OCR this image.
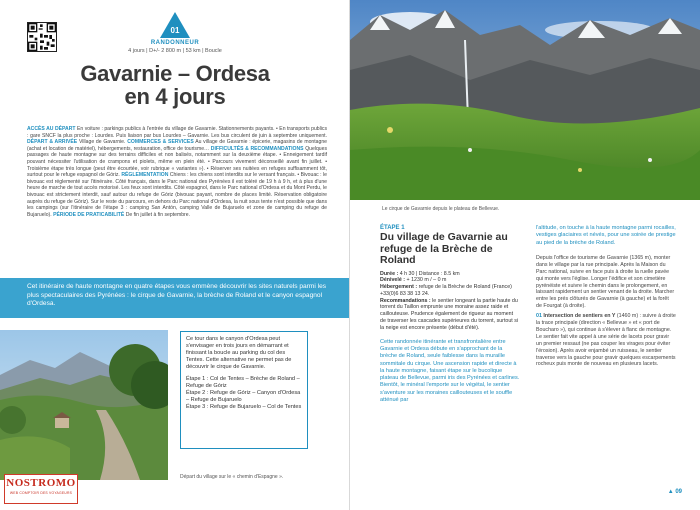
01
RANDONNEUR
4 jours | D+/- 2 800 m | 53 km | Boucle
Gavarnie – Ordesa
en 4 jours
ACCÈS AU DÉPART En voiture : parkings publics à l'entrée du village de Gavarnie. Stationnements payants. • En transports publics : gare SNCF la plus proche : Lourdes. Puis liaison par bus Lourdes – Gavarnie. Les bus circulent de juin à septembre uniquement. DÉPART & ARRIVÉE Village de Gavarnie. COMMERCES & SERVICES Au village de Gavarnie : épicerie, magasins de montagne (achat et location de matériel), hébergements, restauration, office de tourisme… DIFFICULTÉS & RECOMMANDATIONS Quelques passages de haute montagne sur des terrains difficiles et non balisés, notamment sur la deuxième étape. • Enneigement tardif pouvant nécessiter l'utilisation de crampons et piolets, même en plein été. • Parcours vivement déconseillé avant fin juillet. • Troisième étape très longue (peut être écourtée, voir rubrique « variantes »). • Réserver ses nuitées en refuges suffisamment tôt, surtout pour le refuge espagnol de Góriz. RÉGLEMENTATION Chiens : les chiens sont interdits sur le versant français. • Bivouac : le bivouac est réglementé sur l'itinéraire. Côté français, dans le Parc national des Pyrénées il est toléré de 19 h à 9 h, et à plus d'une heure de marche de tout accès motorisé. Les feux sont interdits. Côté espagnol, dans le Parc national d'Ordesa et du Mont Perdu, le bivouac est strictement interdit, sauf autour du refuge de Góriz (bivouac payant, nombre de places limité. Réservation obligatoire auprès du refuge de Góriz). Sur le reste du parcours, en dehors du Parc national d'Ordesa, la nuit sous tente n'est possible que dans les campings (sur l'itinéraire de l'étape 3 : camping San Antón, camping Valle de Bujaruelo et zone de camping du refuge de Bujaruelo). PÉRIODE DE PRATICABILITÉ De fin juillet à fin septembre.
Cet itinéraire de haute montagne en quatre étapes vous emmène découvrir les sites naturels parmi les plus spectaculaires des Pyrénées : le cirque de Gavarnie, la brèche de Roland et le canyon espagnol d'Ordesa.
Départ du village sur le « chemin d'Espagne ».

Ce tour dans le canyon d'Ordesa peut s'envisager en trois jours en démarrant et finissant la boucle au parking du col des Tentes. Cette alternative ne permet pas de découvrir le cirque de Gavarnie.

Étape 1 : Col de Tentes – Brèche de Roland – Refuge de Góriz
Étape 2 : Refuge de Góriz – Canyon d'Ordesa – Refuge de Bujaruelo
Étape 3 : Refuge de Bujaruelo – Col de Tentes

NOSTROMO
WEB COMPTOIR DES VOYAGEURS
Le cirque de Gavarnie depuis le plateau de Bellevue.
ÉTAPE 1
Du village de Gavarnie au refuge de la Brèche de Roland
Durée : 4 h 30 | Distance : 8.5 km
Dénivelé : + 1230 m / – 0 m
Hébergement : refuge de la Brèche de Roland (France) +33(0)6 83 38 13 24.
Recommandations : le sentier longeant la partie haute du torrent du Taillon emprunte une moraine assez raide et caillouteuse. Prudence également de rigueur au moment de traverser les cascades supérieures du torrent, surtout si la neige est encore présente (début d'été).
Cette randonnée itinérante et transfrontalière entre Gavarnie et Ordesa débute en s'approchant de la brèche de Roland, seule faiblesse dans la muraille sommitale du cirque. Une ascension rapide et directe à la haute montagne, faisant étape sur le bucolique plateau de Bellevue, parmi iris des Pyrénées et carlines. Bientôt, le minéral l'emporte sur le végétal, le sentier s'aventure sur les moraines caillouteuses et le souffle atténué par
l'altitude, on touche à la haute montagne parmi rocailles, vestiges glaciaires et névés, pour une soirée de prestige au pied de la brèche de Roland.
Depuis l'office de tourisme de Gavarnie (1365 m), monter dans le village par la rue principale. Après la Maison du Parc national, suivre en face puis à droite la ruelle pavée qui monte vers l'église. Longer l'édifice et son cimetière pyrénéiste et suivre le chemin dans le prolongement, en laissant rapidement un sentier venant de la droite. Marcher entre les prés clôturés de Gavarnie (à gauche) et la forêt de Fourgat (à droite).
01 Intersection de sentiers en Y (1460 m) : suivre à droite la trace principale (direction « Bellevue » et « port de Boucharo »), qui continue à s'élever à flanc de montagne. Le sentier fait vite appel à une série de lacets pour gravir un premier ressaut (ne pas couper les virages pour éviter l'érosion). Après avoir enjambé un ruisseau, le sentier traverse vers la gauche pour gravir quelques escarpements rocheux puis monte de nouveau en plusieurs lacets.
▲ 09
